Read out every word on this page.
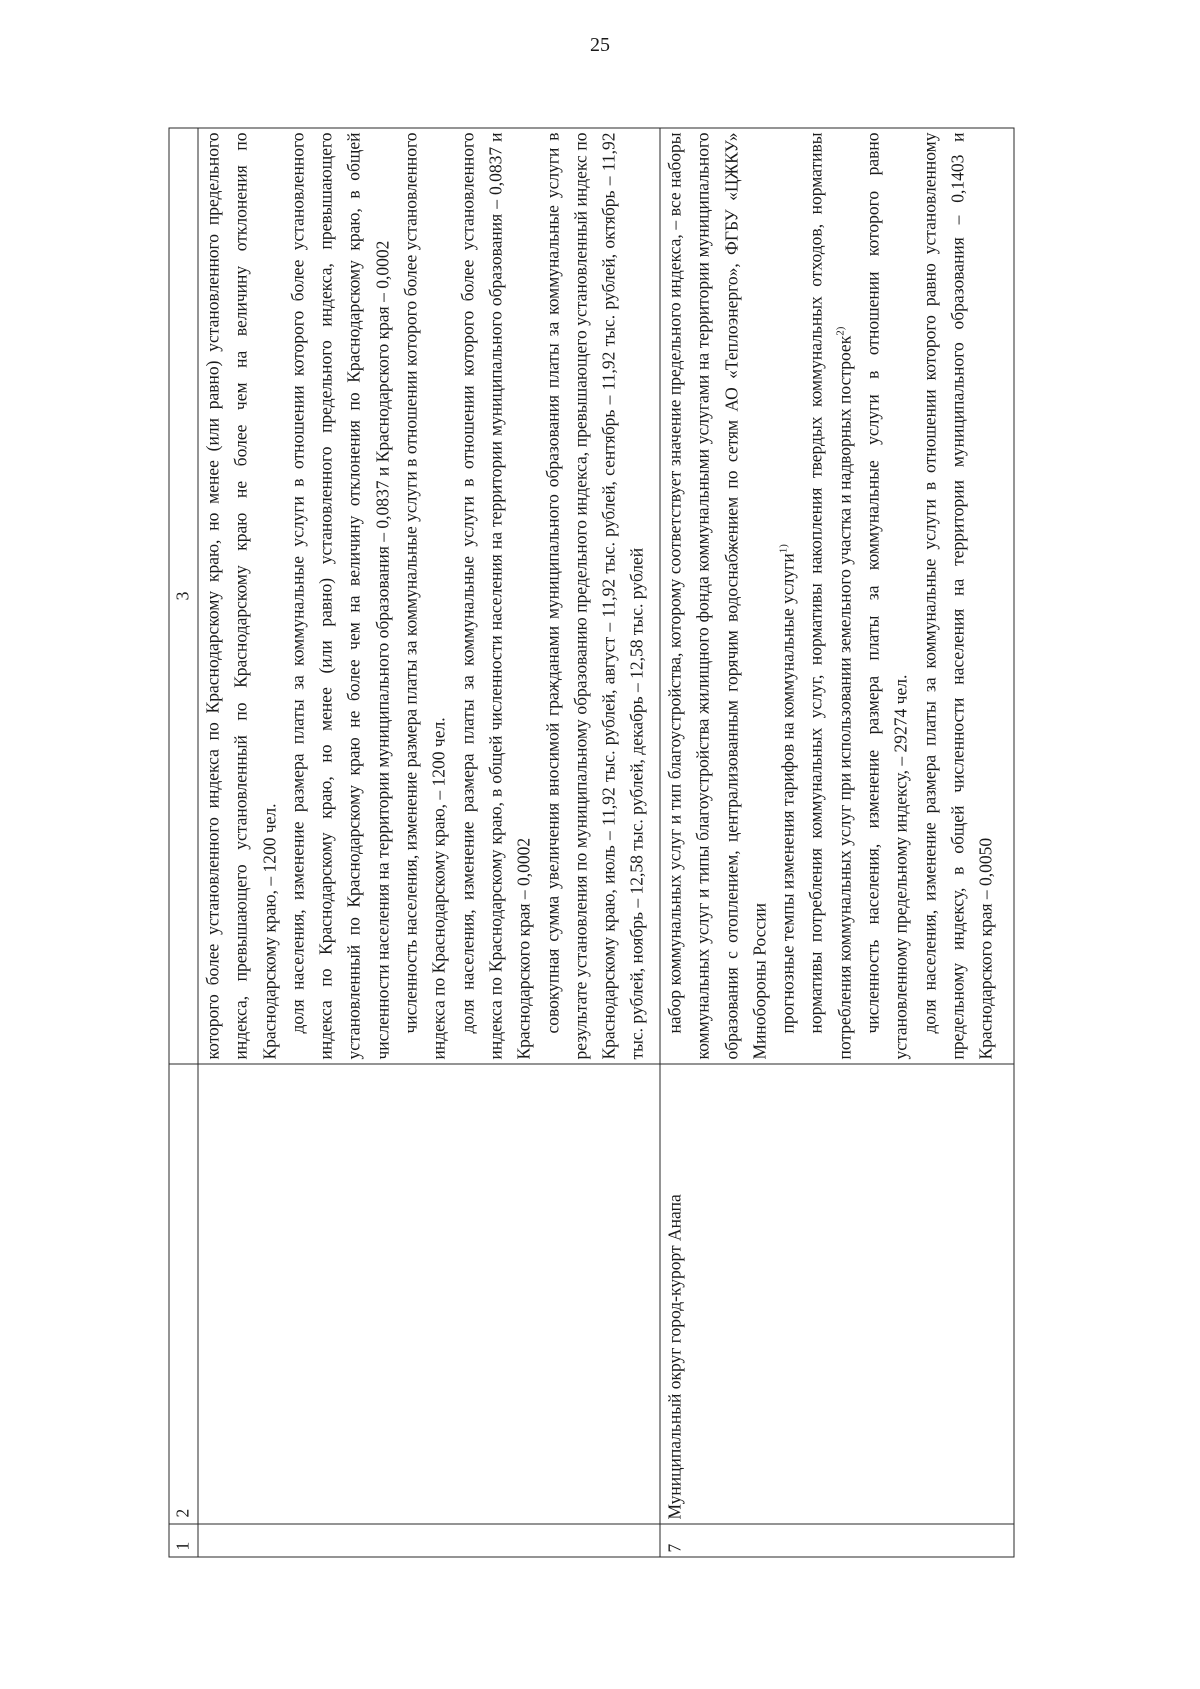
25
1	2	3

		которого более установленного индекса по Краснодарскому краю, но менее (или равно) установленного предельного индекса, превышающего установленный по Краснодарскому краю не более чем на величину отклонения по Краснодарскому краю, – 1200 чел. доля населения, изменение размера платы за коммунальные услуги в отношении которого более установленного индекса по Краснодарскому краю, но менее (или равно) установленного предельного индекса, превышающего установленный по Краснодарскому краю не более чем на величину отклонения по Краснодарскому краю, в общей численности населения на территории муниципального образования – 0,0837 и Краснодарского края – 0,0002 численность населения, изменение размера платы за коммунальные услуги в отношении которого более установленного индекса по Краснодарскому краю, – 1200 чел. доля населения, изменение размера платы за коммунальные услуги в отношении которого более установленного индекса по Краснодарскому краю, в общей численности населения на территории муниципального образования – 0,0837 и Краснодарского края – 0,0002 совокупная сумма увеличения вносимой гражданами муниципального образования платы за коммунальные услуги в результате установления по муниципальному образованию предельного индекса, превышающего установленный индекс по Краснодарскому краю, июль – 11,92 тыс. рублей, август – 11,92 тыс. рублей, сентябрь – 11,92 тыс. рублей, октябрь – 11,92 тыс. рублей, ноябрь – 12,58 тыс. рублей, декабрь – 12,58 тыс. рублей

7	Муниципальный округ город-курорт Анапа	набор коммунальных услуг и тип благоустройства, которому соответствует значение предельного индекса, – все наборы коммунальных услуг и типы благоустройства жилищного фонда коммунальными услугами на территории муниципального образования с отоплением, централизованным горячим водоснабжением по сетям АО «Теплоэнерго», ФГБУ «ЦЖКУ» Минобороны России прогнозные темпы изменения тарифов на коммунальные услуги$^{1)}$ нормативы потребления коммунальных услуг, нормативы накопления твердых коммунальных отходов, нормативы потребления коммунальных услуг при использовании земельного участка и надворных построек$^{2)}$ численность населения, изменение размера платы за коммунальные услуги в отношении которого равно установленному предельному индексу, – 29274 чел. доля населения, изменение размера платы за коммунальные услуги в отношении которого равно установленному предельному индексу, в общей численности населения на территории муниципального образования – 0,1403 и Краснодарского края – 0,0050
